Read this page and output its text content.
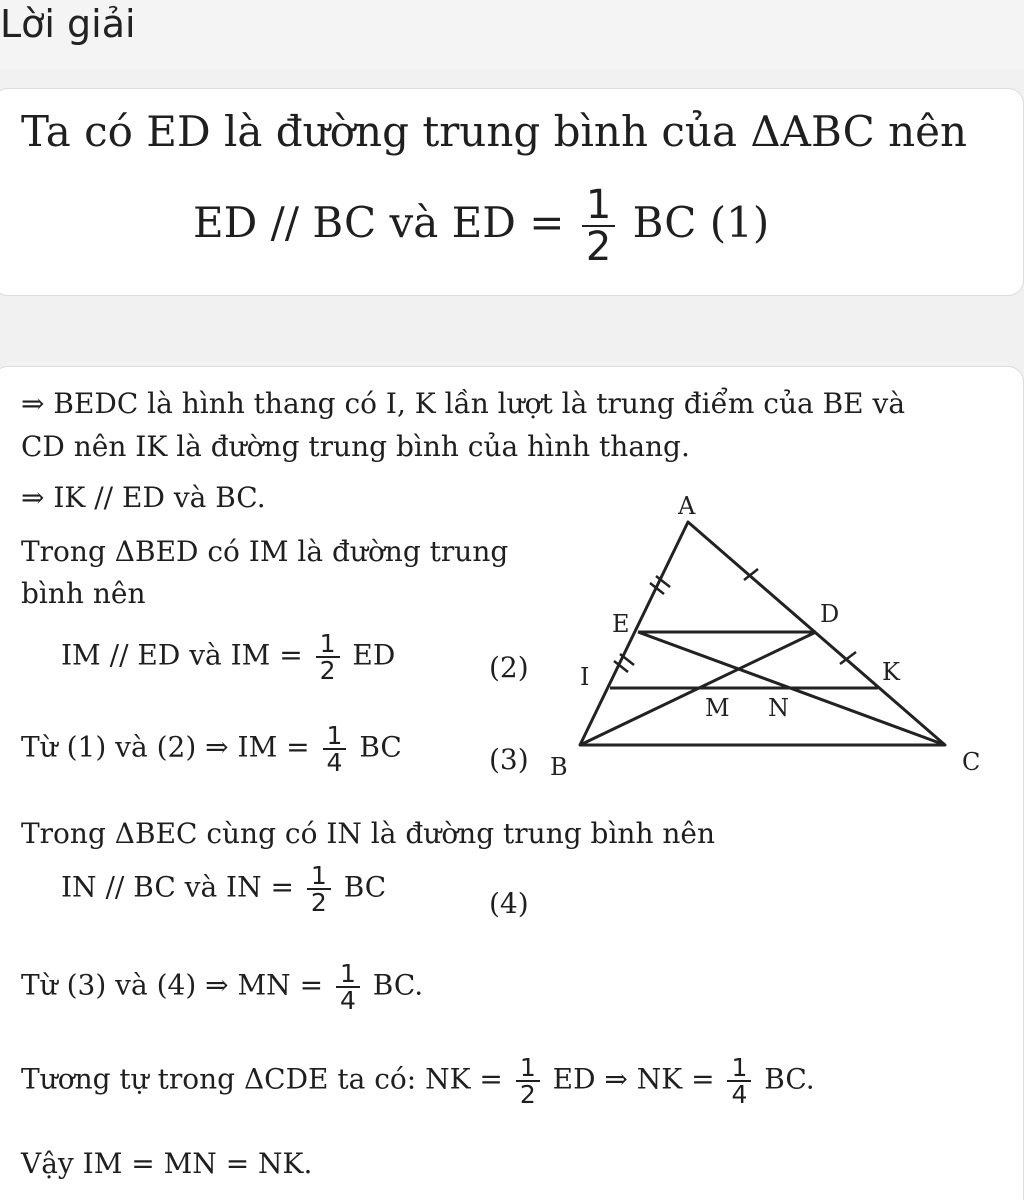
Lời giải
Ta có ED là đường trung bình của ΔABC nên
ED // BC và ED = $\frac{1}{2}$ BC (1)
⇒ BEDC là hình thang có I, K lần lượt là trung điểm của BE và
CD nên IK là đường trung bình của hình thang.
⇒ IK // ED và BC.
Trong ΔBED có IM là đường trung
bình nên
IM // ED và IM = $\frac{1}{2}$ ED	(2)
Từ (1) và (2) ⇒ IM = $\frac{1}{4}$ BC	(3)
Trong ΔBEC cùng có IN là đường trung bình nên
IN // BC và IN = $\frac{1}{2}$ BC	(4)
Từ (3) và (4) ⇒ MN = $\frac{1}{4}$ BC.
Tương tự trong ΔCDE ta có: NK = $\frac{1}{2}$ ED ⇒ NK = $\frac{1}{4}$ BC.
Vậy IM = MN = NK.
A
B	C
D
E
I	K
M N
